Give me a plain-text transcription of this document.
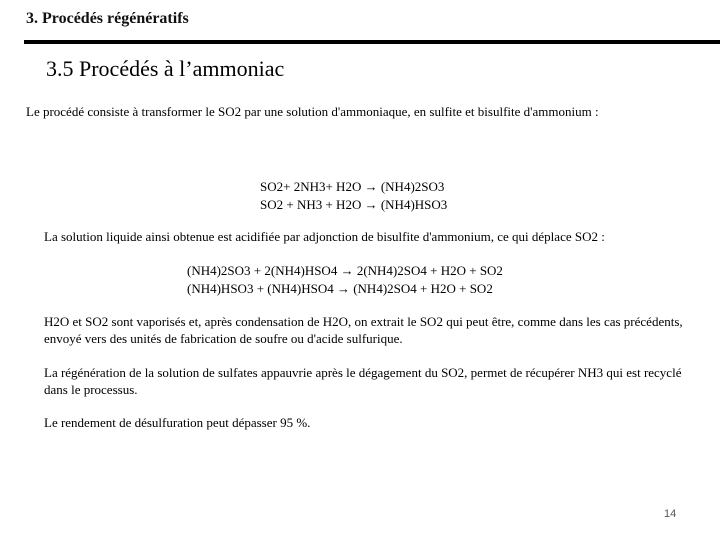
3. Procédés régénératifs
3.5 Procédés à l’ammoniac
Le procédé consiste à transformer le SO2 par une solution d'ammoniaque, en sulfite et bisulfite d'ammonium :
SO2+ 2NH3+ H2O → (NH4)2SO3
SO2 + NH3 + H2O → (NH4)HSO3
La solution liquide ainsi obtenue est acidifiée par adjonction de bisulfite d'ammonium, ce qui déplace SO2 :
(NH4)2SO3 + 2(NH4)HSO4 → 2(NH4)2SO4 + H2O + SO2
(NH4)HSO3 + (NH4)HSO4 → (NH4)2SO4 + H2O + SO2
H2O et SO2 sont vaporisés et, après condensation de H2O, on extrait le SO2 qui peut être, comme dans les cas précédents, envoyé vers des unités de fabrication de soufre ou d'acide sulfurique.
La régénération de la solution de sulfates appauvrie après le dégagement du SO2, permet de récupérer NH3 qui est recyclé dans le processus.
Le rendement de désulfuration peut dépasser 95 %.
14
